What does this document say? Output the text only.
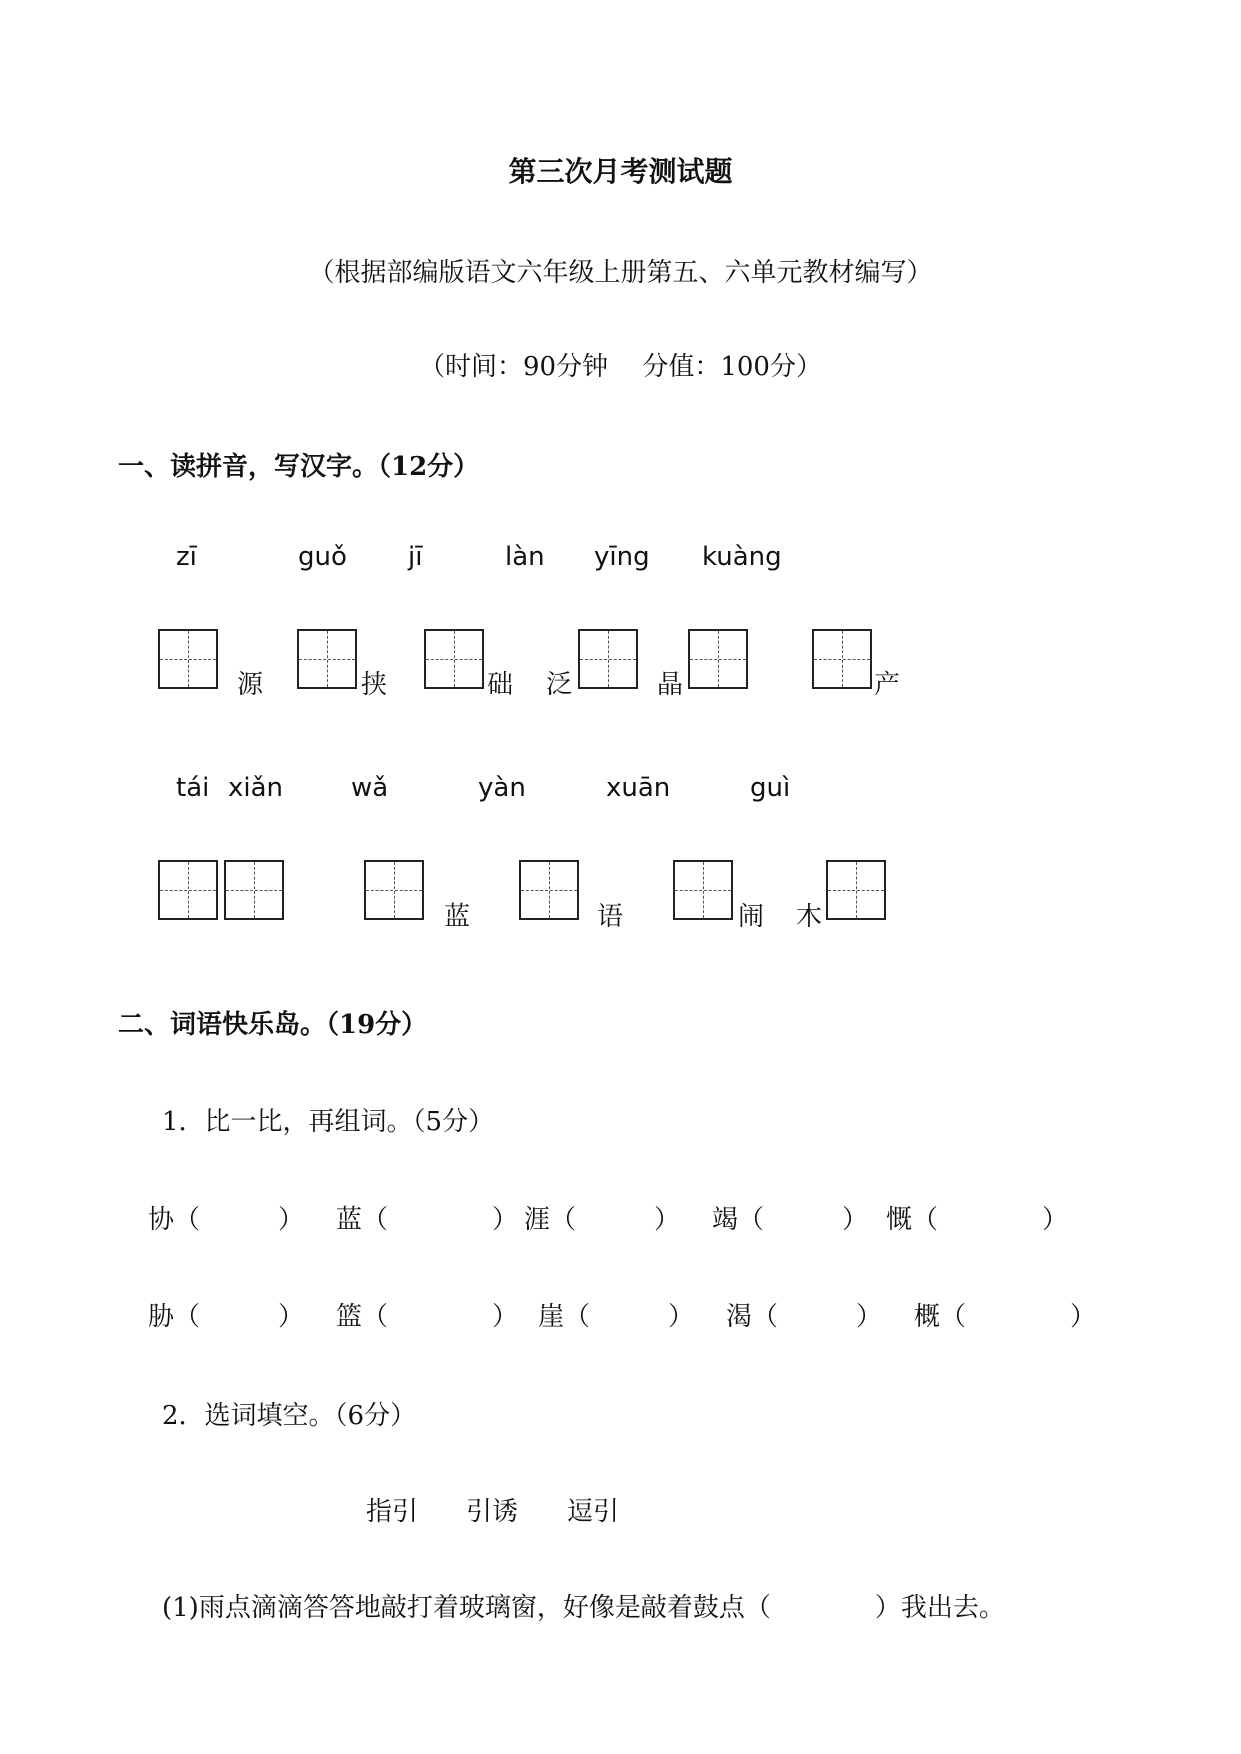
第三次月考测试题
（根据部编版语文六年级上册第五、六单元教材编写）
（时间：90分钟　 分值：100分）
一、读拼音，写汉字。（12分）
zī	guǒ jī	làn yīng kuàng
源	挟	础 泛	晶	产
tái xiǎn	wǎ	yàn	xuān	guì
蓝	语	闹 木
二、词语快乐岛。（19分）
1．比一比，再组词。（5分）
协（　　　） 蓝（　　　　） 涯（　　　） 竭（　　　） 慨（　　　　）
胁（　　　） 篮（　　　　） 崖（　　　） 渴（　　　） 概（　　　　）
2．选词填空。（6分）
指引 引诱 逗引
(1)雨点滴滴答答地敲打着玻璃窗，好像是敲着鼓点（　　　　）我出去。
